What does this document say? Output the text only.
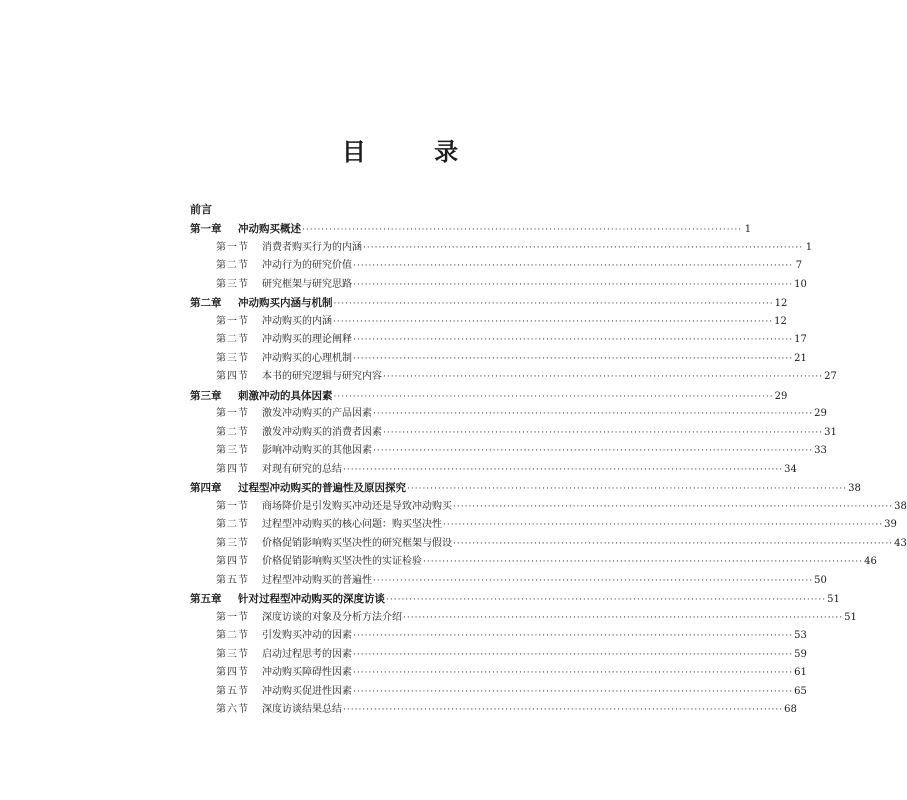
目 录
前言
第一章	冲动购买概述 ·····	1
第一节	消费者购买行为的内涵 ·····	1
第二节	冲动行为的研究价值 ·····	7
第三节	研究框架与研究思路 ·····	10
第二章	冲动购买内涵与机制 ·····	12
第一节	冲动购买的内涵 ·····	12
第二节	冲动购买的理论阐释 ·····	17
第三节	冲动购买的心理机制 ·····	21
第四节	本书的研究逻辑与研究内容 ·····	27
第三章	刺激冲动的具体因素 ·····	29
第一节	激发冲动购买的产品因素 ·····	29
第二节	激发冲动购买的消费者因素 ·····	31
第三节	影响冲动购买的其他因素 ·····	33
第四节	对现有研究的总结 ·····	34
第四章	过程型冲动购买的普遍性及原因探究 ·····	38
第一节	商场降价是引发购买冲动还是导致冲动购买 ·····	38
第二节	过程型冲动购买的核心问题：购买坚决性 ·····	39
第三节	价格促销影响购买坚决性的研究框架与假设 ·····	43
第四节	价格促销影响购买坚决性的实证检验 ·····	46
第五节	过程型冲动购买的普遍性 ·····	50
第五章	针对过程型冲动购买的深度访谈 ·····	51
第一节	深度访谈的对象及分析方法介绍 ·····	51
第二节	引发购买冲动的因素 ·····	53
第三节	启动过程思考的因素 ·····	59
第四节	冲动购买障碍性因素 ·····	61
第五节	冲动购买促进性因素 ·····	65
第六节	深度访谈结果总结 ·····	68
